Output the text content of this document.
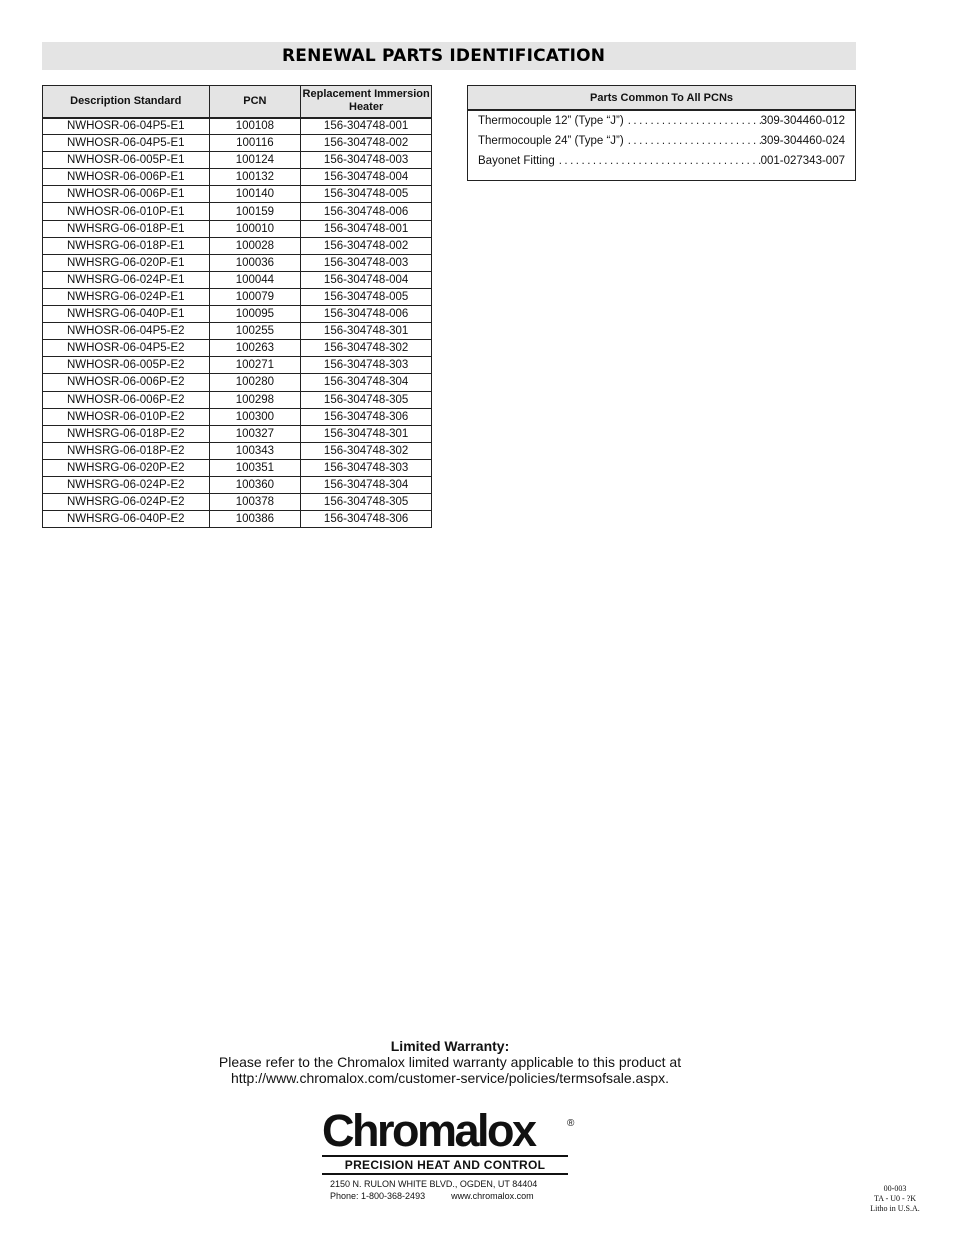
RENEWAL PARTS IDENTIFICATION
Description Standard	PCN	Replacement Immersion Heater
NWHOSR-06-04P5-E1	100108	156-304748-001
NWHOSR-06-04P5-E1	100116	156-304748-002
NWHOSR-06-005P-E1	100124	156-304748-003
NWHOSR-06-006P-E1	100132	156-304748-004
NWHOSR-06-006P-E1	100140	156-304748-005
NWHOSR-06-010P-E1	100159	156-304748-006
NWHSRG-06-018P-E1	100010	156-304748-001
NWHSRG-06-018P-E1	100028	156-304748-002
NWHSRG-06-020P-E1	100036	156-304748-003
NWHSRG-06-024P-E1	100044	156-304748-004
NWHSRG-06-024P-E1	100079	156-304748-005
NWHSRG-06-040P-E1	100095	156-304748-006
NWHOSR-06-04P5-E2	100255	156-304748-301
NWHOSR-06-04P5-E2	100263	156-304748-302
NWHOSR-06-005P-E2	100271	156-304748-303
NWHOSR-06-006P-E2	100280	156-304748-304
NWHOSR-06-006P-E2	100298	156-304748-305
NWHOSR-06-010P-E2	100300	156-304748-306
NWHSRG-06-018P-E2	100327	156-304748-301
NWHSRG-06-018P-E2	100343	156-304748-302
NWHSRG-06-020P-E2	100351	156-304748-303
NWHSRG-06-024P-E2	100360	156-304748-304
NWHSRG-06-024P-E2	100378	156-304748-305
NWHSRG-06-040P-E2	100386	156-304748-306
Parts Common To All PCNs
Thermocouple 12” (Type “J”) .....	309-304460-012
Thermocouple 24” (Type “J”) .....	309-304460-024
Bayonet Fitting .....	001-027343-007
Limited Warranty:
Please refer to the Chromalox limited warranty applicable to this product at
http://www.chromalox.com/customer-service/policies/termsofsale.aspx.
Chromalox	®
PRECISION HEAT AND CONTROL
2150 N. RULON WHITE BLVD., OGDEN, UT 84404
Phone: 1-800-368-2493	www.chromalox.com
00-003
TA - U0 - ?K
Litho in U.S.A.
